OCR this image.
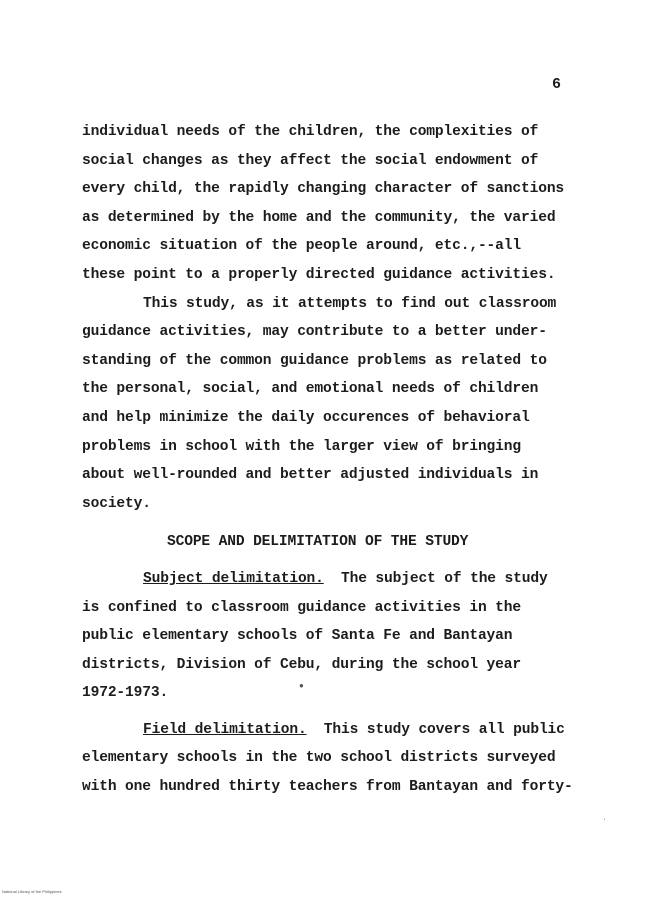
6
individual needs of the children, the complexities of
social changes as they affect the social endowment of
every child, the rapidly changing character of sanctions
as determined by the home and the community, the varied
economic situation of the people around, etc.,--all
these point to a properly directed guidance activities.
This study, as it attempts to find out classroom
guidance activities, may contribute to a better under-
standing of the common guidance problems as related to
the personal, social, and emotional needs of children
and help minimize the daily occurences of behavioral
problems in school with the larger view of bringing
about well-rounded and better adjusted individuals in
society.
SCOPE AND DELIMITATION OF THE STUDY
Subject delimitation.  The subject of the study
is confined to classroom guidance activities in the
public elementary schools of Santa Fe and Bantayan
districts, Division of Cebu, during the school year
1972-1973.
Field delimitation.  This study covers all public
elementary schools in the two school districts surveyed
with one hundred thirty teachers from Bantayan and forty-
●
ˈ
National Library of the Philippines
